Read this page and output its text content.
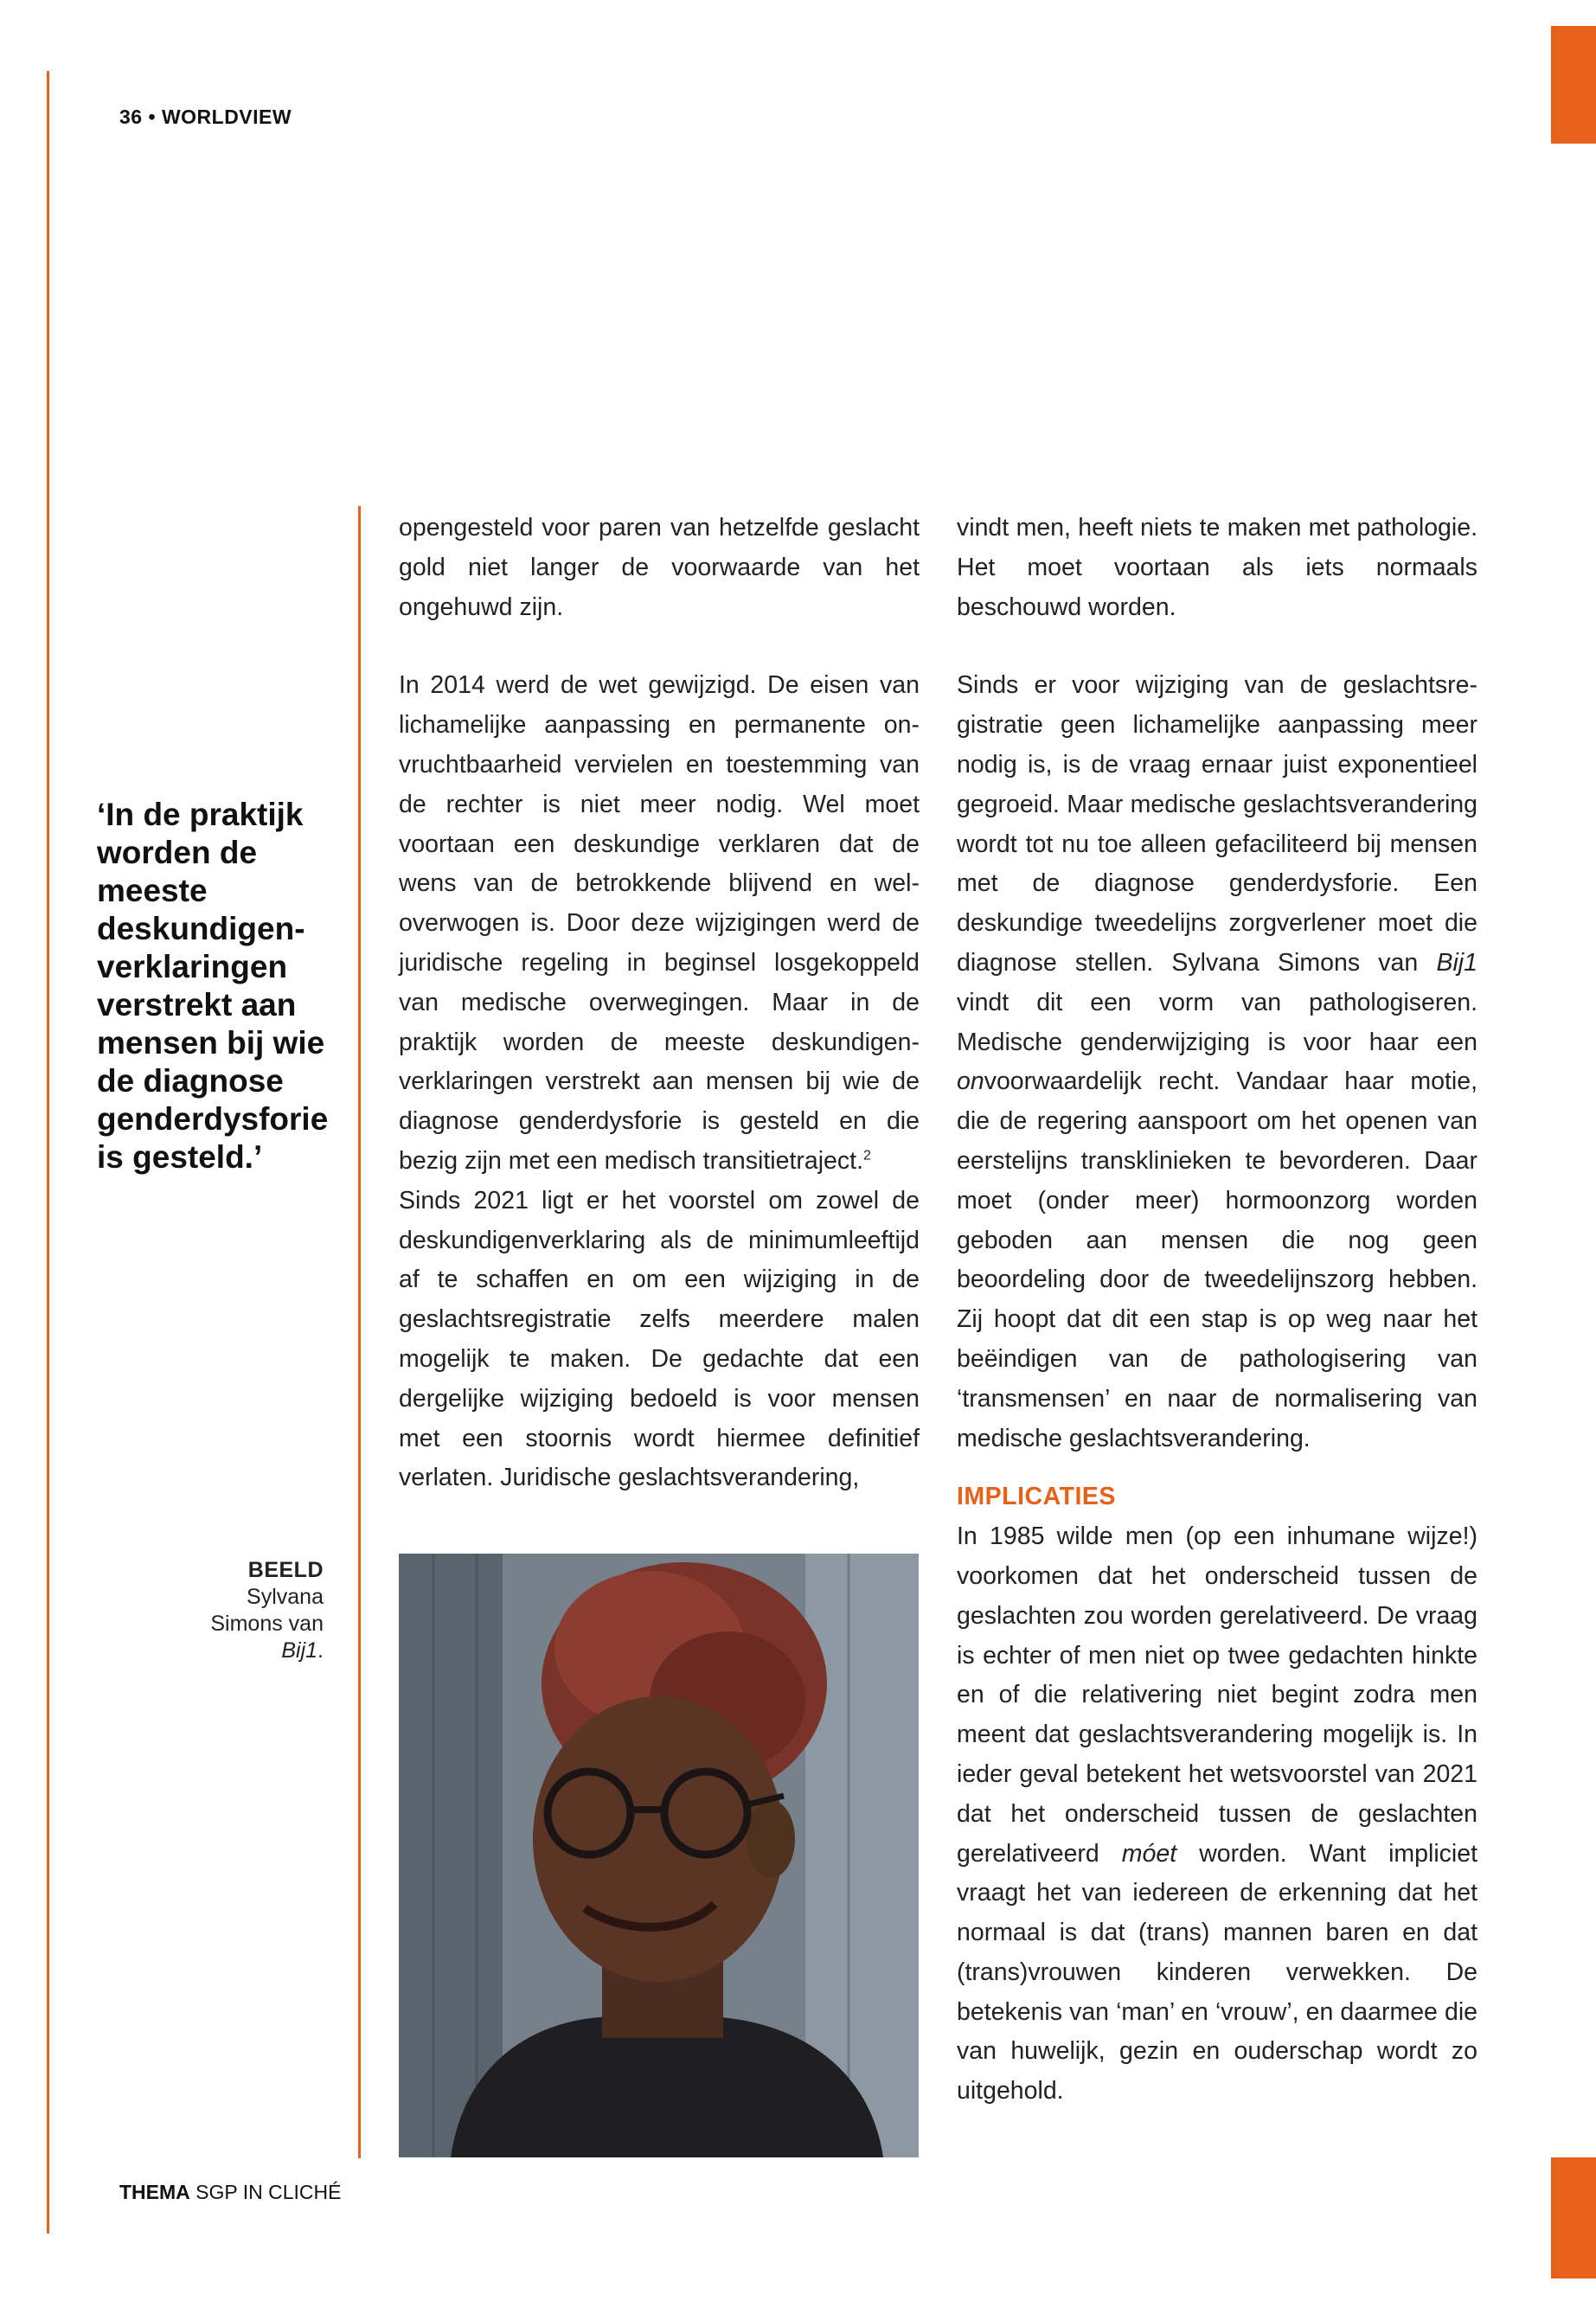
36 • WORLDVIEW
‘In de praktijk worden de meeste deskundigenverklaringen verstrekt aan mensen bij wie de diagnose genderdysforie is gesteld.’
BEELD
Sylvana Simons van Bij1.

opengesteld voor paren van hetzelfde geslacht gold niet langer de voorwaarde van het ongehuwd zijn.

In 2014 werd de wet gewijzigd. De eisen van lichamelijke aanpassing en permanente onvruchtbaarheid vervielen en toestemming van de rechter is niet meer nodig. Wel moet voortaan een deskundige verklaren dat de wens van de betrokkende blijvend en weloverwogen is. Door deze wijzigingen werd de juridische regeling in beginsel losgekoppeld van medische overwegingen. Maar in de praktijk worden de meeste deskundigenverklaringen verstrekt aan mensen bij wie de diagnose genderdysforie is gesteld en die bezig zijn met een medisch transitietraject.$^2$

Sinds 2021 ligt er het voorstel om zowel de deskundigenverklaring als de minimumleeftijd af te schaffen en om een wijziging in de geslachtsregistratie zelfs meerdere malen mogelijk te maken. De gedachte dat een dergelijke wijziging bedoeld is voor mensen met een stoornis wordt hiermee definitief verlaten. Juridische geslachtsverandering,

vindt men, heeft niets te maken met pathologie. Het moet voortaan als iets normaals beschouwd worden.

Sinds er voor wijziging van de geslachtsregistratie geen lichamelijke aanpassing meer nodig is, is de vraag ernaar juist exponentieel gegroeid. Maar medische geslachtsverandering wordt tot nu toe alleen gefaciliteerd bij mensen met de diagnose genderdysforie. Een deskundige tweedelijns zorgverlener moet die diagnose stellen. Sylvana Simons van Bij1 vindt dit een vorm van pathologiseren. Medische genderwijziging is voor haar een onvoorwaardelijk recht. Vandaar haar motie, die de regering aanspoort om het openen van eerstelijns transklinieken te bevorderen. Daar moet (onder meer) hormoonzorg worden geboden aan mensen die nog geen beoordeling door de tweedelijnszorg hebben. Zij hoopt dat dit een stap is op weg naar het beëindigen van de pathologisering van ‘transmensen’ en naar de normalisering van medische geslachtsverandering.

IMPLICATIES

In 1985 wilde men (op een inhumane wijze!) voorkomen dat het onderscheid tussen de geslachten zou worden gerelativeerd. De vraag is echter of men niet op twee gedachten hinkte en of die relativering niet begint zodra men meent dat geslachtsverandering mogelijk is. In ieder geval betekent het wetsvoorstel van 2021 dat het onderscheid tussen de geslachten gerelativeerd móet worden. Want impliciet vraagt het van iedereen de erkenning dat het normaal is dat (trans) mannen baren en dat (trans)vrouwen kinderen verwekken. De betekenis van ‘man’ en ‘vrouw’, en daarmee die van huwelijk, gezin en ouderschap wordt zo uitgehold.

THEMA SGP IN CLICHÉ
